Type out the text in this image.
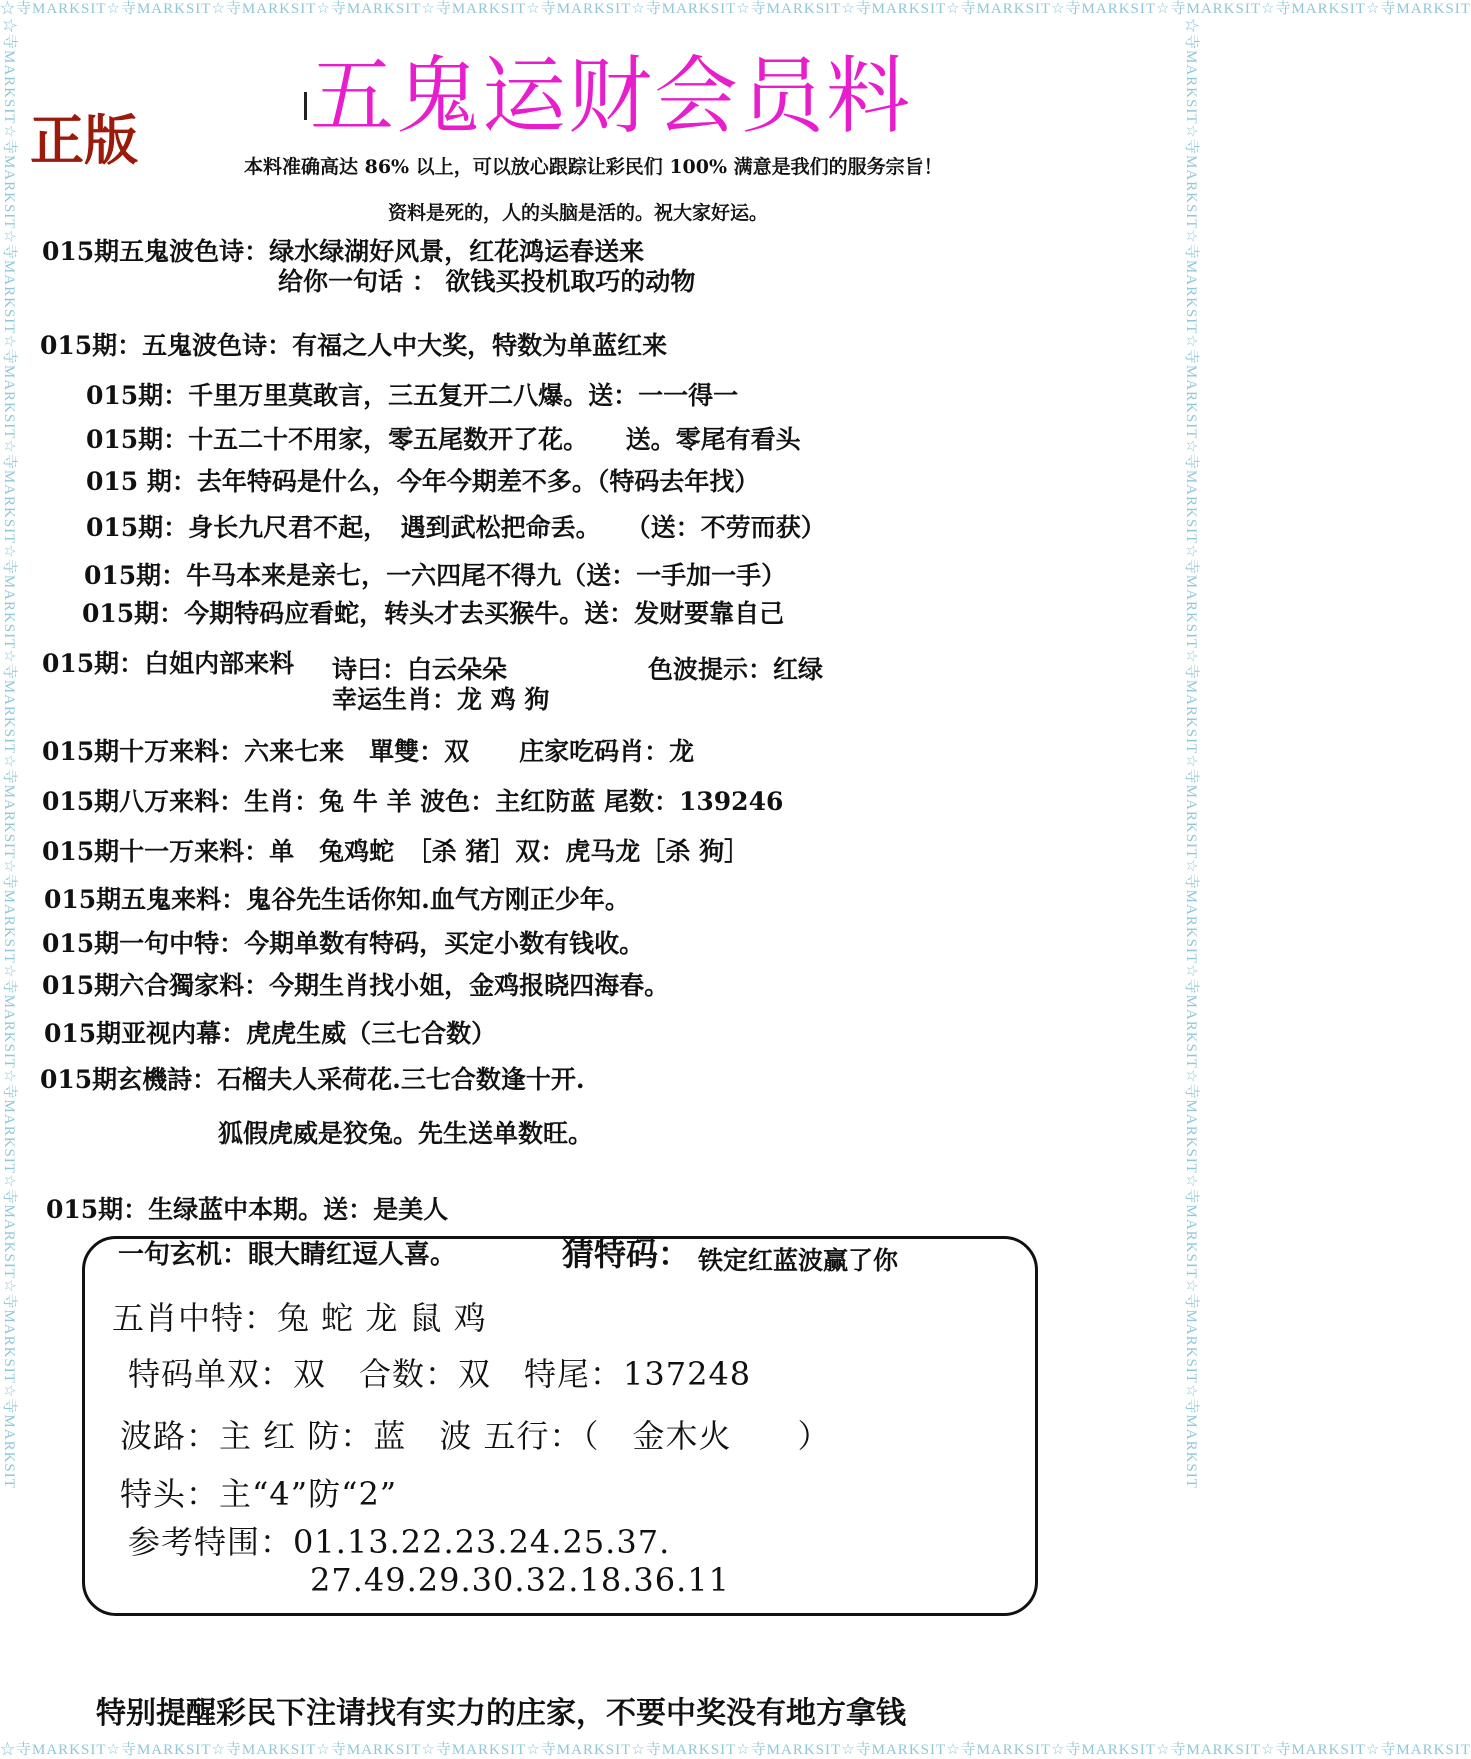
☆寺MARKSIT☆寺MARKSIT☆寺MARKSIT☆寺MARKSIT☆寺MARKSIT☆寺MARKSIT☆寺MARKSIT☆寺MARKSIT☆寺MARKSIT☆寺MARKSIT☆寺MARKSIT☆寺MARKSIT☆寺MARKSIT☆寺MARKSIT
☆寺MARKSIT☆寺MARKSIT☆寺MARKSIT☆寺MARKSIT☆寺MARKSIT☆寺MARKSIT☆寺MARKSIT☆寺MARKSIT☆寺MARKSIT☆寺MARKSIT☆寺MARKSIT☆寺MARKSIT☆寺MARKSIT☆寺MARKSIT
☆寺MARKSIT☆寺MARKSIT☆寺MARKSIT☆寺MARKSIT☆寺MARKSIT☆寺MARKSIT☆寺MARKSIT☆寺MARKSIT☆寺MARKSIT☆寺MARKSIT☆寺MARKSIT☆寺MARKSIT☆寺MARKSIT☆寺MARKSIT	☆寺MARKSIT☆寺MARKSIT☆寺MARKSIT☆寺MARKSIT☆寺MARKSIT☆寺MARKSIT☆寺MARKSIT☆寺MARKSIT☆寺MARKSIT☆寺MARKSIT☆寺MARKSIT☆寺MARKSIT☆寺MARKSIT☆寺MARKSIT
五鬼运财会员料
正版	本料准确高达 86% 以上，可以放心跟踪让彩民们 100% 满意是我们的服务宗旨！
资料是死的，人的头脑是活的。祝大家好运。
015期五鬼波色诗：绿水绿湖好风景，红花鸿运春送来
给你一句话 ： 欲钱买投机取巧的动物
015期：五鬼波色诗：有福之人中大奖，特数为单蓝红来
015期：千里万里莫敢言，三五复开二八爆。送：一一得一
015期：十五二十不用家，零五尾数开了花。　　送。零尾有看头
015 期：去年特码是什么，今年今期差不多。（特码去年找）
015期：身长九尺君不起，　遇到武松把命丢。　　（送：不劳而获）
015期：牛马本来是亲七，一六四尾不得九（送：一手加一手）
015期：今期特码应看蛇，转头才去买猴牛。送：发财要靠自己
015期：白姐内部来料 诗曰：白云朵朵	色波提示：红绿
幸运生肖：龙 鸡 狗
015期十万来料：六来七来　單雙：双　　庄家吃码肖：龙
015期八万来料：生肖：兔 牛 羊 波色：主红防蓝 尾数：139246
015期十一万来料：单　兔鸡蛇　［杀 猪］双：虎马龙［杀 狗］
015期五鬼来料：鬼谷先生话你知.血气方刚正少年。
015期一句中特：今期单数有特码，买定小数有钱收。
015期六合獨家料：今期生肖找小姐，金鸡报晓四海春。
015期亚视内幕：虎虎生威（三七合数）
015期玄機詩：石榴夫人采荷花.三七合数逢十开.
狐假虎威是狡兔。先生送单数旺。
015期：生绿蓝中本期。送：是美人
一句玄机：眼大睛红逗人喜。	猜特码： 铁定红蓝波赢了你
五肖中特：兔 蛇 龙 鼠 鸡
特码单双：双　合数：双　特尾：137248
波路：主 红 防：蓝　波 五行：（　金木火　　）
特头：主“4”防“2”
参考特围：01.13.22.23.24.25.37.
27.49.29.30.32.18.36.11
特别提醒彩民下注请找有实力的庄家，不要中奖没有地方拿钱
